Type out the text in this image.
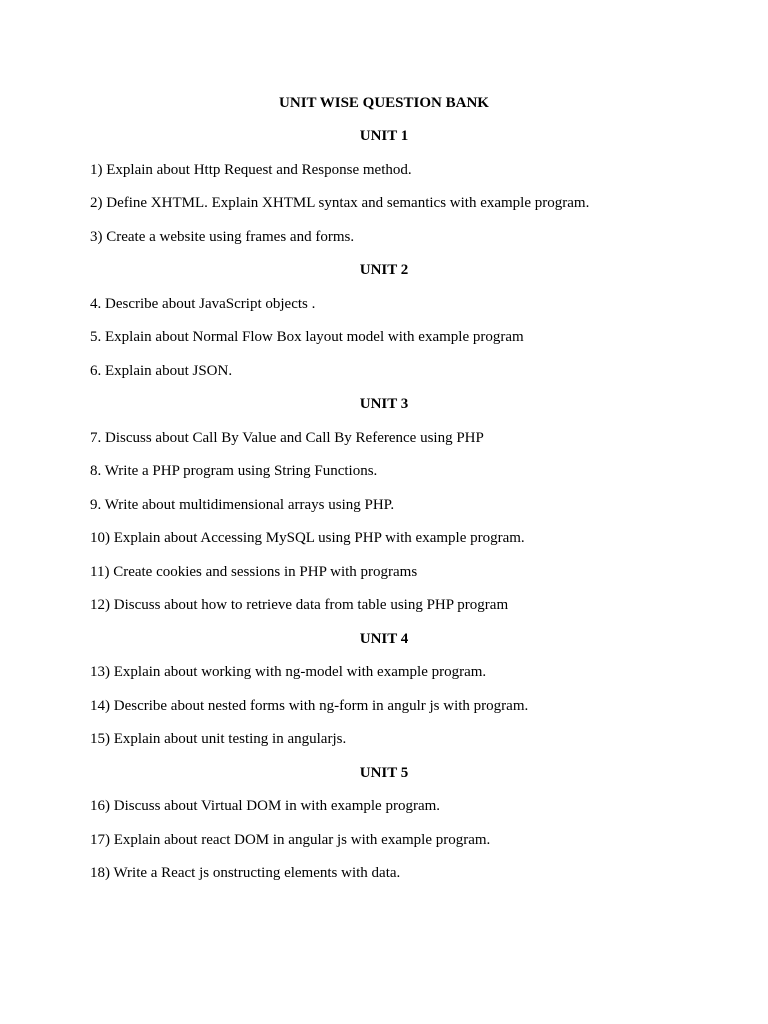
UNIT WISE QUESTION BANK
UNIT 1
1) Explain about Http Request and Response method.
2) Define XHTML. Explain XHTML syntax and semantics with example program.
3) Create a website using frames and forms.
UNIT 2
4. Describe about JavaScript objects .
5. Explain about Normal Flow Box layout model with example program
6. Explain about JSON.
UNIT 3
7. Discuss about Call By Value and Call By Reference using PHP
8. Write a PHP program using String Functions.
9. Write about multidimensional arrays using PHP.
10) Explain about Accessing MySQL using PHP with example program.
11) Create cookies and sessions in PHP with programs
12) Discuss about how to retrieve data from table using PHP program
UNIT 4
13) Explain about working with ng-model with example program.
14) Describe about nested forms with ng-form in angulr js with program.
15) Explain about unit testing in angularjs.
UNIT 5
16) Discuss about Virtual DOM in with example program.
17) Explain about react DOM in angular js with example program.
18) Write a React js onstructing elements with data.
